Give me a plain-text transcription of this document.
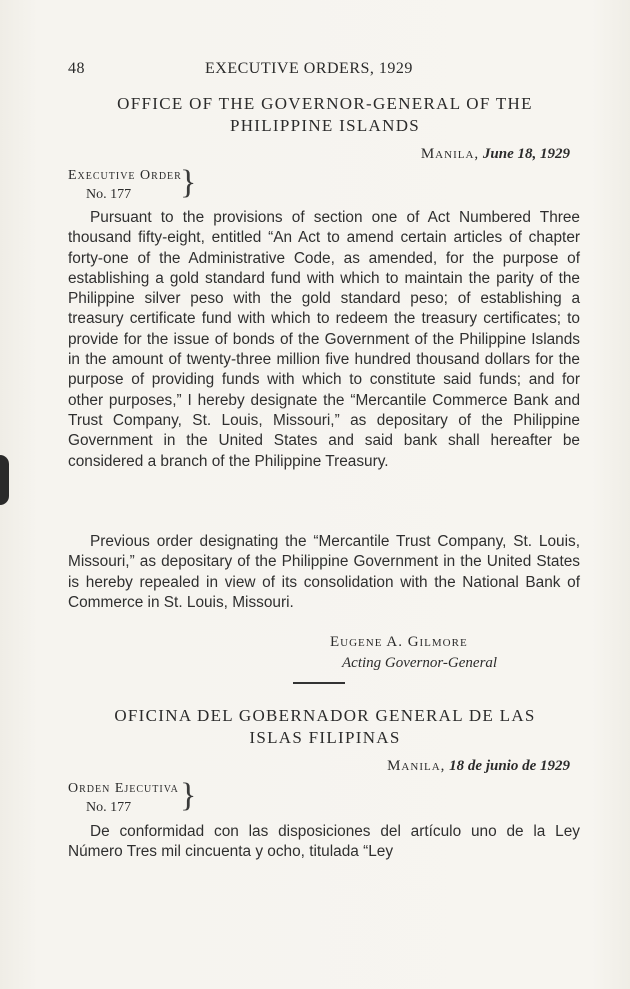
48	EXECUTIVE ORDERS, 1929
OFFICE OF THE GOVERNOR-GENERAL OF THE
PHILIPPINE ISLANDS
Manila, June 18, 1929
Executive Order
No. 177	}

Pursuant to the provisions of section one of Act Numbered Three thousand fifty-eight, entitled “An Act to amend certain articles of chapter forty-one of the Administrative Code, as amended, for the purpose of establishing a gold standard fund with which to maintain the parity of the Philippine silver peso with the gold standard peso; of establishing a treasury certificate fund with which to redeem the treasury certificates; to provide for the issue of bonds of the Government of the Philippine Islands in the amount of twenty-three million five hundred thousand dollars for the purpose of providing funds with which to constitute said funds; and for other purposes,” I hereby designate the “Mercantile Commerce Bank and Trust Company, St. Louis, Missouri,” as depositary of the Philippine Government in the United States and said bank shall hereafter be considered a branch of the Philippine Treasury.

Previous order designating the “Mercantile Trust Company, St. Louis, Missouri,” as depositary of the Philippine Government in the United States is hereby repealed in view of its consolidation with the National Bank of Commerce in St. Louis, Missouri.

Eugene A. Gilmore
Acting Governor-General
OFICINA DEL GOBERNADOR GENERAL DE LAS
ISLAS FILIPINAS
Manila, 18 de junio de 1929
Orden Ejecutiva
No. 177	}

De conformidad con las disposiciones del artículo uno de la Ley Número Tres mil cincuenta y ocho, titulada “Ley
